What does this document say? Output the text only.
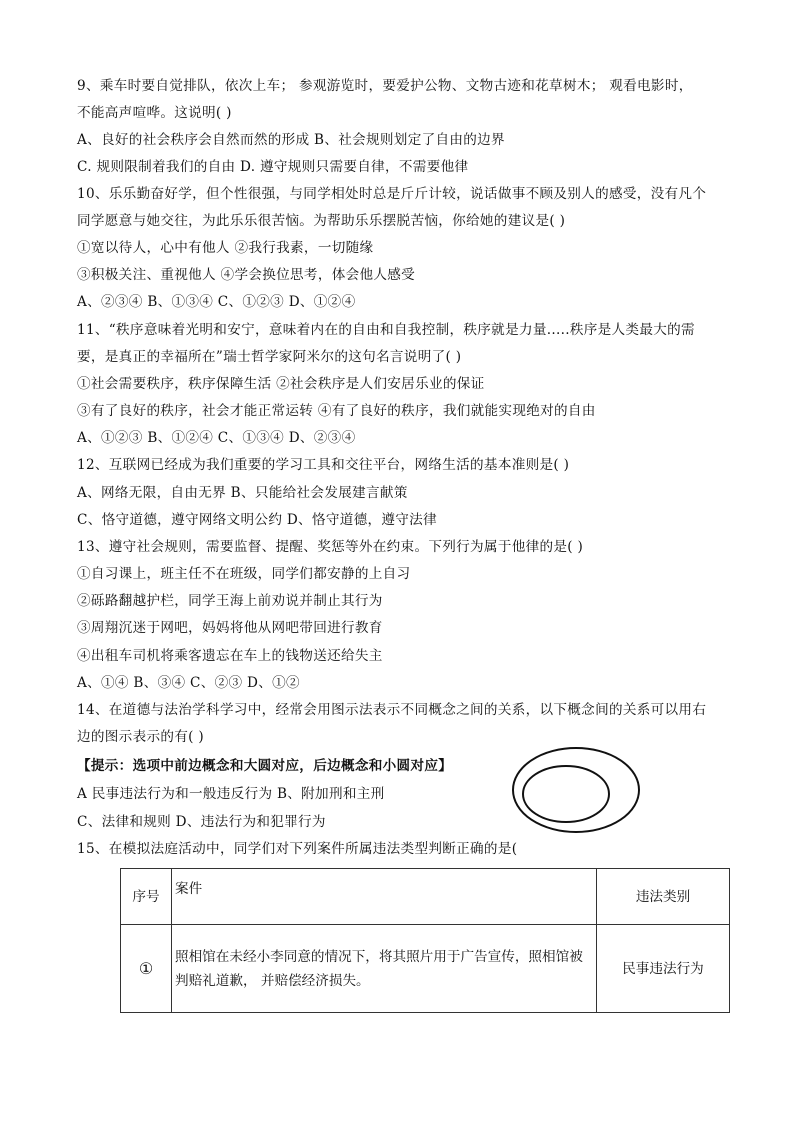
9、乘车时要自觉排队，依次上车； 参观游览时，要爱护公物、文物古迹和花草树木； 观看电影时，
不能高声喧哗。这说明( )
A、良好的社会秩序会自然而然的形成 B、社会规则划定了自由的边界
C. 规则限制着我们的自由 D. 遵守规则只需要自律，不需要他律
10、乐乐勤奋好学，但个性很强，与同学相处时总是斤斤计较，说话做事不顾及别人的感受，没有凡个
同学愿意与她交往，为此乐乐很苦恼。为帮助乐乐摆脱苦恼，你给她的建议是( )
①宽以待人，心中有他人 ②我行我素，一切随缘
③积极关注、重视他人 ④学会换位思考，体会他人感受
A、②③④ B、①③④ C、①②③ D、①②④
11、“秩序意味着光明和安宁，意味着内在的自由和自我控制，秩序就是力量.....秩序是人类最大的需
要，是真正的幸福所在”瑞士哲学家阿米尔的这句名言说明了( )
①社会需要秩序，秩序保障生活 ②社会秩序是人们安居乐业的保证
③有了良好的秩序，社会才能正常运转 ④有了良好的秩序，我们就能实现绝对的自由
A、①②③ B、①②④ C、①③④ D、②③④
12、互联网已经成为我们重要的学习工具和交往平台，网络生活的基本准则是( )
A、网络无限，自由无界 B、只能给社会发展建言献策
C、恪守道德，遵守网络文明公约 D、恪守道德，遵守法律
13、遵守社会规则，需要监督、提醒、奖惩等外在约束。下列行为属于他律的是( )
①自习课上，班主任不在班级，同学们都安静的上自习
②砾路翻越护栏，同学王海上前劝说并制止其行为
③周翔沉迷于网吧，妈妈将他从网吧带回进行教育
④出租车司机将乘客遗忘在车上的钱物送还给失主
A、①④ B、③④ C、②③ D、①②
14、在道德与法治学科学习中，经常会用图示法表示不同概念之间的关系，以下概念间的关系可以用右
边的图示表示的有( )
【提示：选项中前边概念和大圆对应，后边概念和小圆对应】
A 民事违法行为和一般违反行为 B、附加刑和主刑
C、法律和规则 D、违法行为和犯罪行为
15、在模拟法庭活动中，同学们对下列案件所属违法类型判断正确的是(
序号	案件	违法类别
①	照相馆在未经小李同意的情况下，将其照片用于广告宣传，照相馆被
判赔礼道歉， 并赔偿经济损失。	民事违法行为
